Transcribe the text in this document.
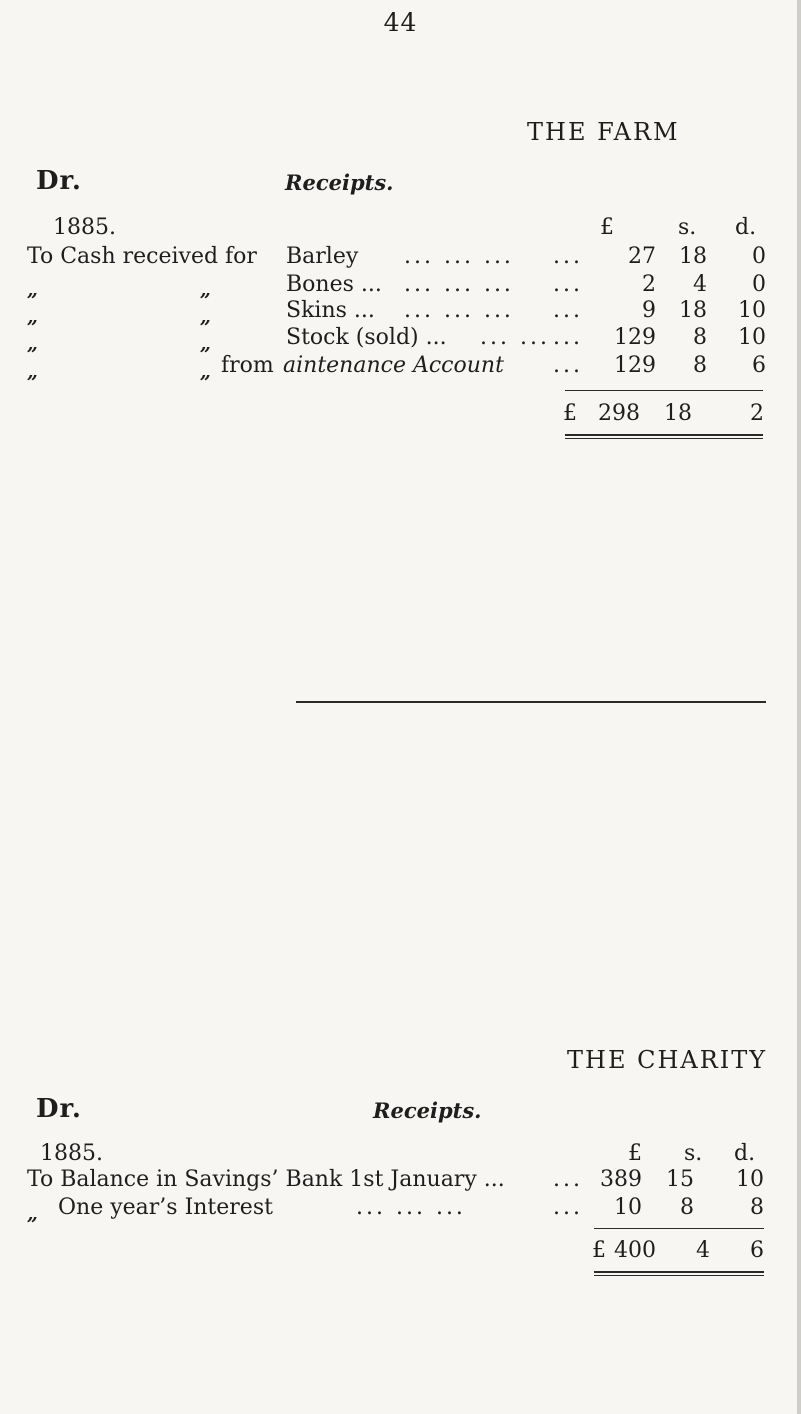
44
THE FARM
Dr.	Receipts.
1885.	£	s. d.
To Cash received for Barley ... ... ... ...	27	18	0
„	„	Bones ... ... ... ... ...	2	4	0
„	„	Skins ... ... ... ... ...	9	18	10
„	„	Stock (sold) ... ... ... ...	129	8	10
„	„ from aintenance Account ...	129	8	6
£ 298	18	2
THE CHARITY
Dr.	Receipts.
1885.	£ s. d.
To Balance in Savings’ Bank 1st January ... ... 389	15	10
„ One year’s Interest	... ... ...	...	10	8	8
£ 400	4	6
